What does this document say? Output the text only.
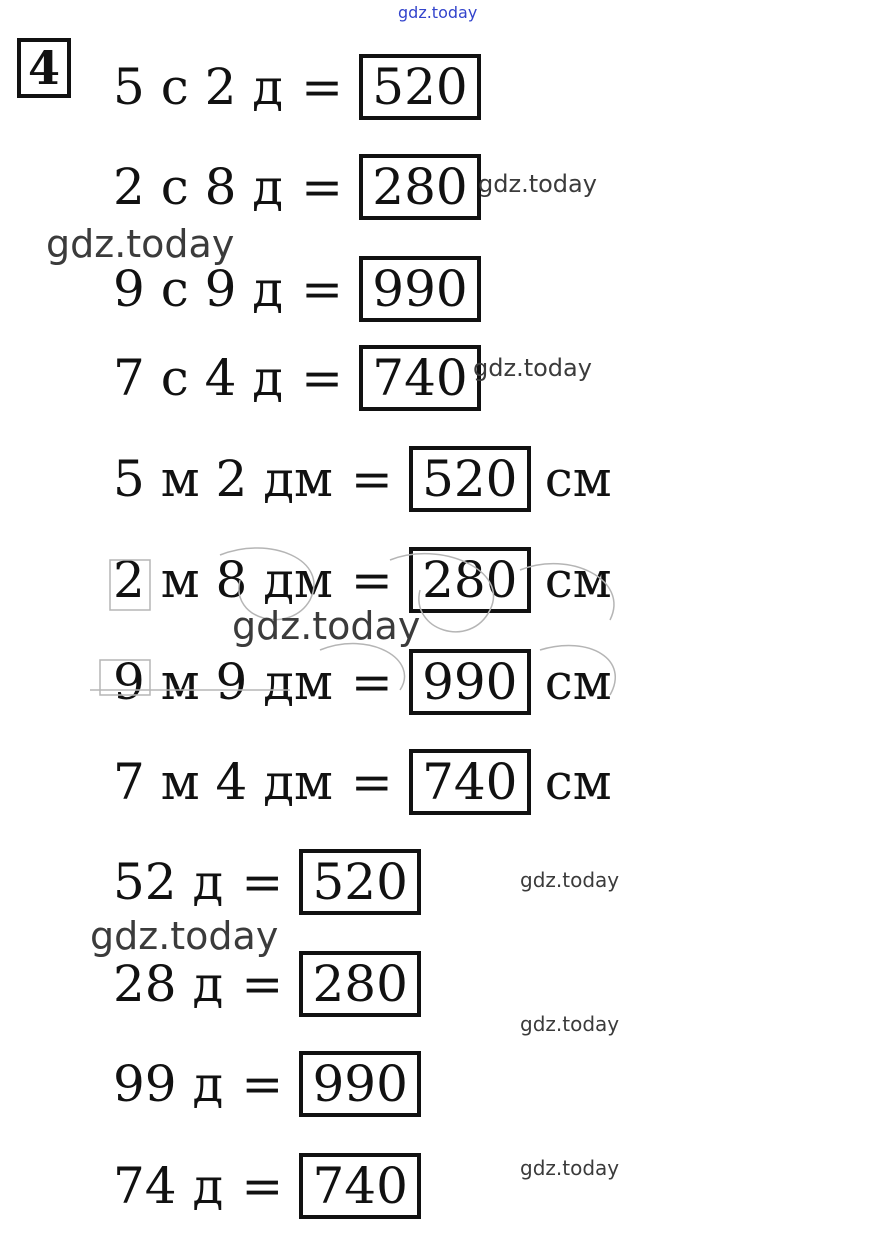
4 5 с 2 д = 520
2 с 8 д = 280
9 с 9 д = 990
7 с 4 д = 740
5 м 2 дм = 520 см
2 м 8 дм = 280 см
9 м 9 дм = 990 см
7 м 4 дм = 740 см
52 д = 520
28 д = 280
99 д = 990
74 д = 740
gdz.today
gdz.today
gdz.today
gdz.today
gdz.today
gdz.today
gdz.today
gdz.today
gdz.today
